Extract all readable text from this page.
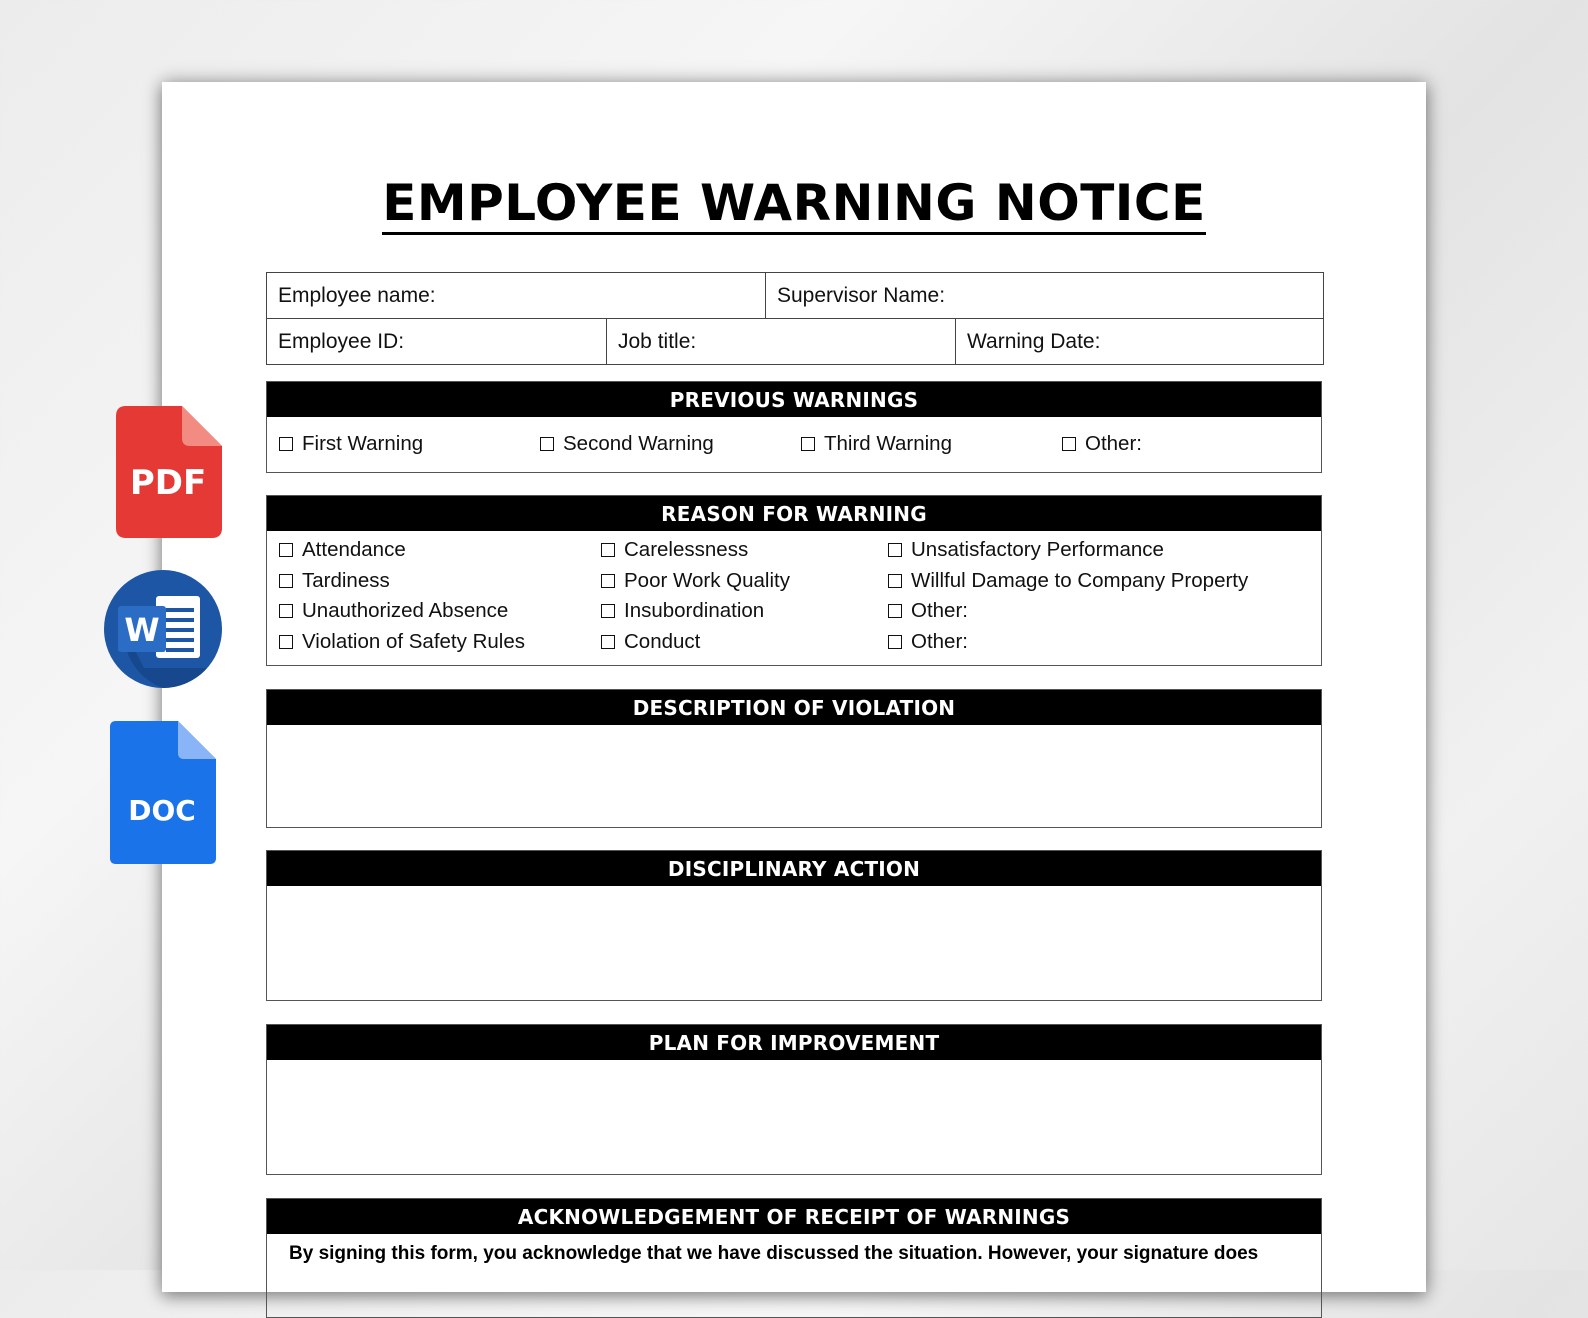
EMPLOYEE WARNING NOTICE
Employee name:	Supervisor Name:
Employee ID:	Job title:	Warning Date:
PREVIOUS WARNINGS
First Warning	Second Warning	Third Warning	Other:
REASON FOR WARNING
Attendance
Tardiness
Unauthorized Absence
Violation of Safety Rules
Carelessness
Poor Work Quality
Insubordination
Conduct
Unsatisfactory Performance
Willful Damage to Company Property
Other:
Other:
DESCRIPTION OF VIOLATION
DISCIPLINARY ACTION
PLAN FOR IMPROVEMENT
ACKNOWLEDGEMENT OF RECEIPT OF WARNINGS
By signing this form, you acknowledge that we have discussed the situation. However, your signature does
PDF
W
DOC
